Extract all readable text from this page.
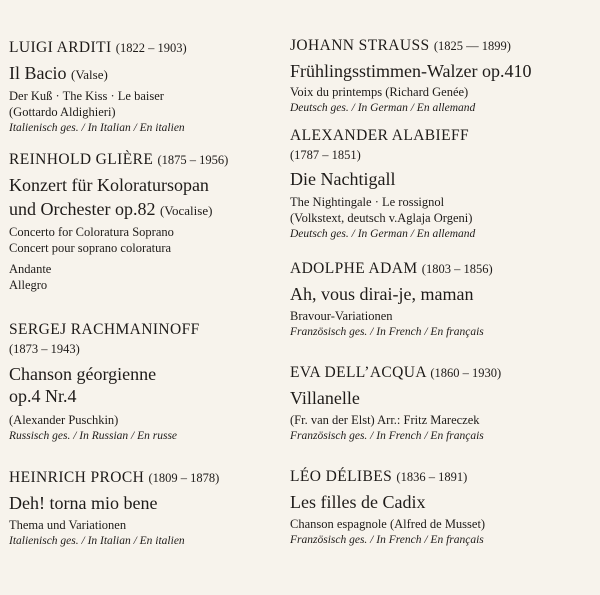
LUIGI ARDITI (1822 – 1903)
Il Bacio (Valse)
Der Kuß · The Kiss · Le baiser
(Gottardo Aldighieri)
Italienisch ges. / In Italian / En italien
REINHOLD GLIÈRE (1875 – 1956)
Konzert für Koloratursopan
und Orchester op.82 (Vocalise)
Concerto for Coloratura Soprano
Concert pour soprano coloratura
Andante
Allegro
SERGEJ RACHMANINOFF
(1873 – 1943)
Chanson géorgienne
op.4 Nr.4
(Alexander Puschkin)
Russisch ges. / In Russian / En russe
HEINRICH PROCH (1809 – 1878)
Deh! torna mio bene
Thema und Variationen
Italienisch ges. / In Italian / En italien
JOHANN STRAUSS (1825 — 1899)
Frühlingsstimmen-Walzer op.410
Voix du printemps (Richard Genée)
Deutsch ges. / In German / En allemand
ALEXANDER ALABIEFF
(1787 – 1851)
Die Nachtigall
The Nightingale · Le rossignol
(Volkstext, deutsch v.Aglaja Orgeni)
Deutsch ges. / In German / En allemand
ADOLPHE ADAM (1803 – 1856)
Ah, vous dirai-je, maman
Bravour-Variationen
Französisch ges. / In French / En français
EVA DELL’ACQUA (1860 – 1930)
Villanelle
(Fr. van der Elst) Arr.: Fritz Mareczek
Französisch ges. / In French / En français
LÉO DÉLIBES (1836 – 1891)
Les filles de Cadix
Chanson espagnole (Alfred de Musset)
Französisch ges. / In French / En français
